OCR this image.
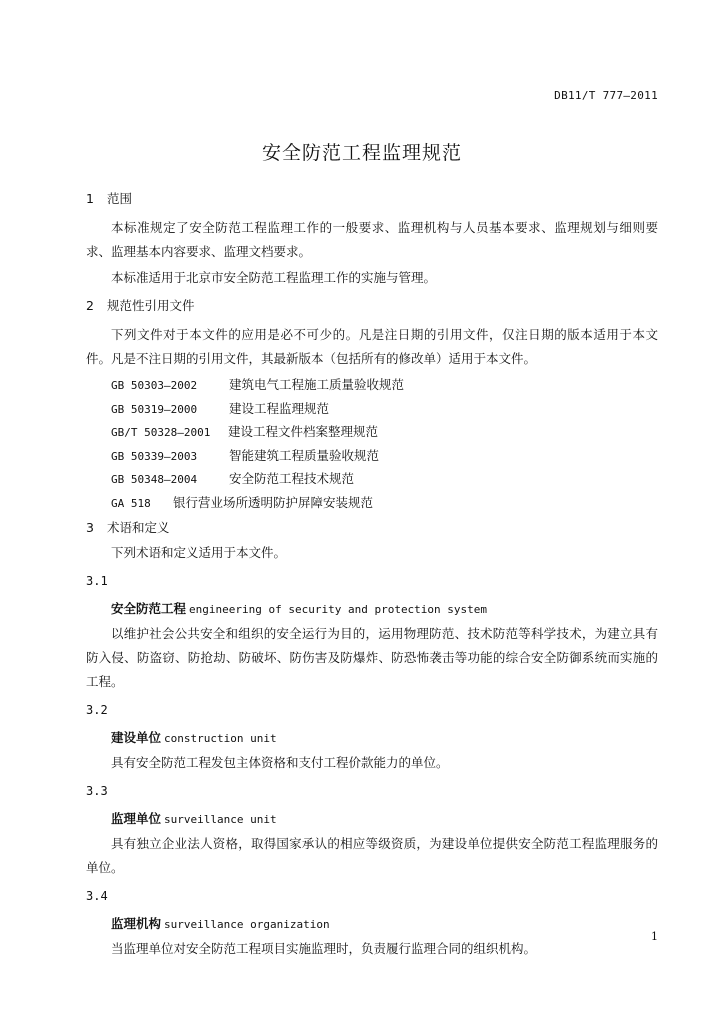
DB11/T 777—2011
安全防范工程监理规范
1 范围

本标准规定了安全防范工程监理工作的一般要求、监理机构与人员基本要求、监理规划与细则要求、监理基本内容要求、监理文档要求。

本标准适用于北京市安全防范工程监理工作的实施与管理。

2 规范性引用文件

下列文件对于本文件的应用是必不可少的。凡是注日期的引用文件，仅注日期的版本适用于本文件。凡是不注日期的引用文件，其最新版本（包括所有的修改单）适用于本文件。

GB 50303—2002	建筑电气工程施工质量验收规范
GB 50319—2000	建设工程监理规范
GB/T 50328—2001 建设工程文件档案整理规范
GB 50339—2003	智能建筑工程质量验收规范
GB 50348—2004	安全防范工程技术规范
GA 518 银行营业场所透明防护屏障安装规范
3 术语和定义

下列术语和定义适用于本文件。

3.1
安全防范工程 engineering of security and protection system

以维护社会公共安全和组织的安全运行为目的，运用物理防范、技术防范等科学技术，为建立具有防入侵、防盗窃、防抢劫、防破坏、防伤害及防爆炸、防恐怖袭击等功能的综合安全防御系统而实施的工程。

3.2
建设单位 construction unit

具有安全防范工程发包主体资格和支付工程价款能力的单位。

3.3
监理单位 surveillance unit

具有独立企业法人资格，取得国家承认的相应等级资质，为建设单位提供安全防范工程监理服务的单位。

3.4
监理机构 surveillance organization

当监理单位对安全防范工程项目实施监理时，负责履行监理合同的组织机构。

1
